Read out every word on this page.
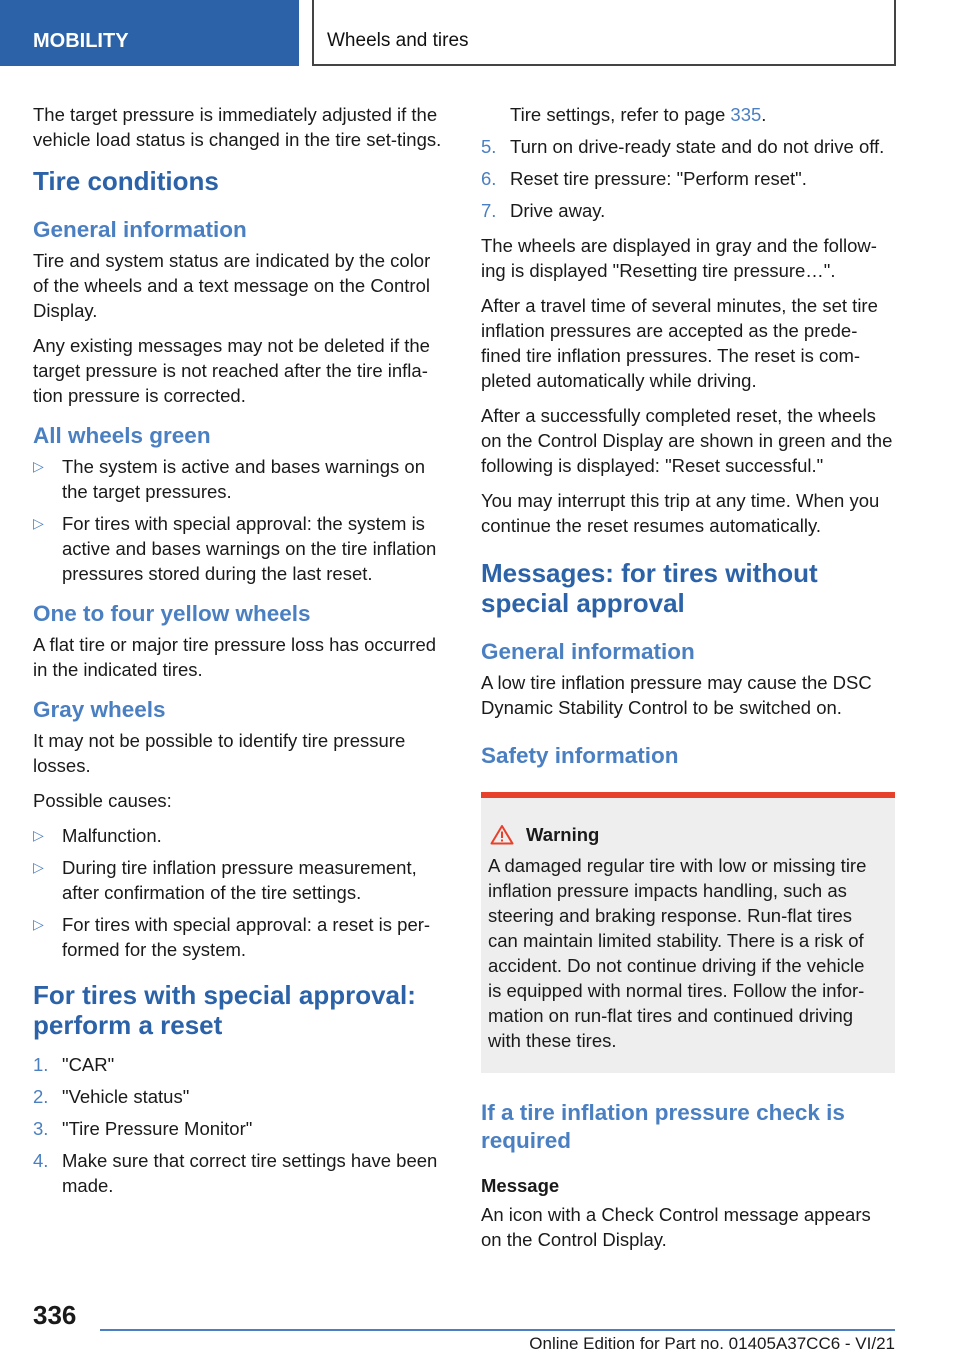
MOBILITY	Wheels and tires

The target pressure is immediately adjusted if the vehicle load status is changed in the tire set-tings.

Tire conditions
General information

Tire and system status are indicated by the color of the wheels and a text message on the Control Display.

Any existing messages may not be deleted if the target pressure is not reached after the tire infla-tion pressure is corrected.

All wheels green
▷ The system is active and bases warnings on the target pressures.
▷ For tires with special approval: the system is active and bases warnings on the tire inflation pressures stored during the last reset.
One to four yellow wheels

A flat tire or major tire pressure loss has occurred in the indicated tires.

Gray wheels

It may not be possible to identify tire pressure losses.

Possible causes:

▷ Malfunction.
▷ During tire inflation pressure measurement, after confirmation of the tire settings.
▷ For tires with special approval: a reset is per-formed for the system.
For tires with special approval: perform a reset
1. "CAR"
2. "Vehicle status"
3. "Tire Pressure Monitor"
4. Make sure that correct tire settings have been made.
Tire settings, refer to page 335.
5. Turn on drive-ready state and do not drive off.
6. Reset tire pressure: "Perform reset".
7. Drive away.

The wheels are displayed in gray and the follow-ing is displayed "Resetting tire pressure…".

After a travel time of several minutes, the set tire inflation pressures are accepted as the prede-fined tire inflation pressures. The reset is com-pleted automatically while driving.

After a successfully completed reset, the wheels on the Control Display are shown in green and the following is displayed: "Reset successful."

You may interrupt this trip at any time. When you continue the reset resumes automatically.

Messages: for tires without special approval
General information

A low tire inflation pressure may cause the DSC Dynamic Stability Control to be switched on.

Safety information
Warning

A damaged regular tire with low or missing tire inflation pressure impacts handling, such as steering and braking response. Run-flat tires can maintain limited stability. There is a risk of accident. Do not continue driving if the vehicle is equipped with normal tires. Follow the infor-mation on run-flat tires and continued driving with these tires.

If a tire inflation pressure check is required
Message

An icon with a Check Control message appears on the Control Display.

336
Online Edition for Part no. 01405A37CC6 - VI/21
